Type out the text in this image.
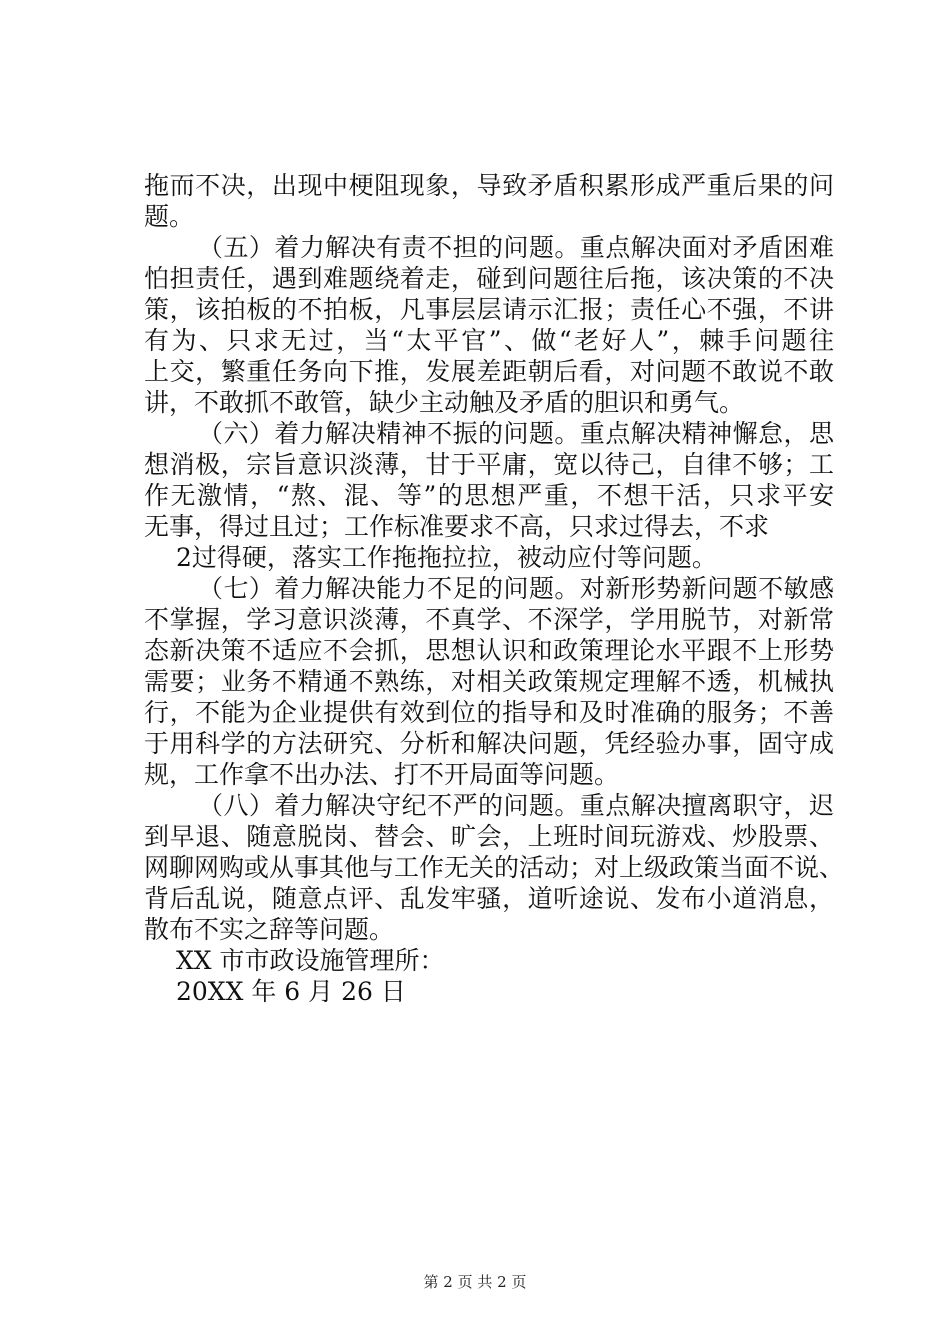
拖而不决，出现中梗阻现象，导致矛盾积累形成严重后果的问
题。
（五）着力解决有责不担的问题。重点解决面对矛盾困难
怕担责任，遇到难题绕着走，碰到问题往后拖，该决策的不决
策，该拍板的不拍板，凡事层层请示汇报；责任心不强，不讲
有为、只求无过，当“太平官”、做“老好人”，棘手问题往
上交，繁重任务向下推，发展差距朝后看，对问题不敢说不敢
讲，不敢抓不敢管，缺少主动触及矛盾的胆识和勇气。
（六）着力解决精神不振的问题。重点解决精神懈怠，思
想消极，宗旨意识淡薄，甘于平庸，宽以待己，自律不够；工
作无激情，“熬、混、等”的思想严重，不想干活，只求平安
无事，得过且过；工作标准要求不高，只求过得去，不求
2过得硬，落实工作拖拖拉拉，被动应付等问题。
（七）着力解决能力不足的问题。对新形势新问题不敏感
不掌握，学习意识淡薄，不真学、不深学，学用脱节，对新常
态新决策不适应不会抓，思想认识和政策理论水平跟不上形势
需要；业务不精通不熟练，对相关政策规定理解不透，机械执
行，不能为企业提供有效到位的指导和及时准确的服务；不善
于用科学的方法研究、分析和解决问题，凭经验办事，固守成
规，工作拿不出办法、打不开局面等问题。
（八）着力解决守纪不严的问题。重点解决擅离职守，迟
到早退、随意脱岗、替会、旷会，上班时间玩游戏、炒股票、
网聊网购或从事其他与工作无关的活动；对上级政策当面不说、
背后乱说，随意点评、乱发牢骚，道听途说、发布小道消息，
散布不实之辞等问题。
XX 市市政设施管理所：
20XX 年 6 月 26 日
第 2 页 共 2 页
